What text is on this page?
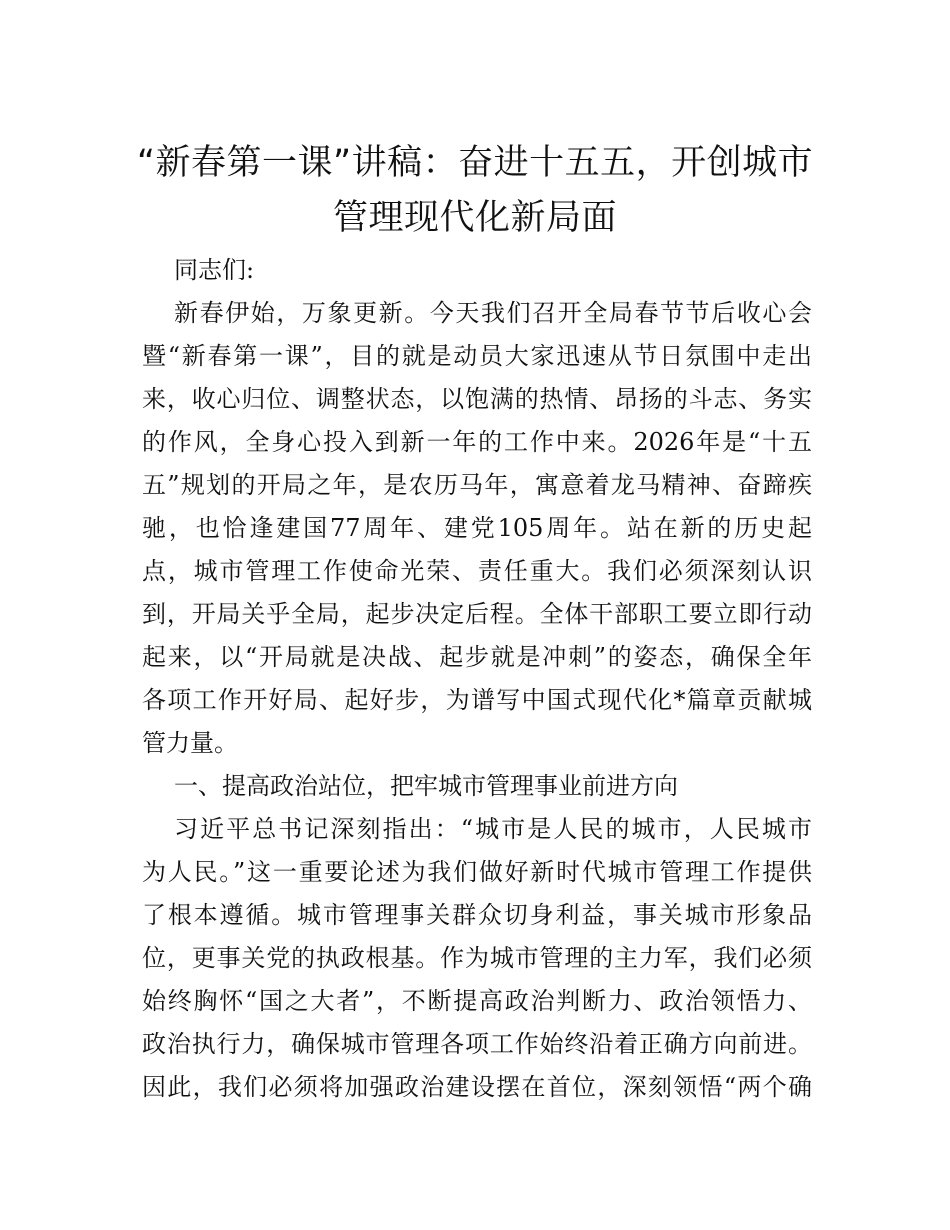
“新春第一课”讲稿：奋进十五五，开创城市
管理现代化新局面
同志们:
新春伊始，万象更新。今天我们召开全局春节节后收心会
暨“新春第一课”，目的就是动员大家迅速从节日氛围中走出
来，收心归位、调整状态，以饱满的热情、昂扬的斗志、务实
的作风，全身心投入到新一年的工作中来。2026年是“十五
五”规划的开局之年，是农历马年，寓意着龙马精神、奋蹄疾
驰，也恰逢建国77周年、建党105周年。站在新的历史起
点，城市管理工作使命光荣、责任重大。我们必须深刻认识
到，开局关乎全局，起步决定后程。全体干部职工要立即行动
起来，以“开局就是决战、起步就是冲刺”的姿态，确保全年
各项工作开好局、起好步，为谱写中国式现代化*篇章贡献城
管力量。
一、提高政治站位，把牢城市管理事业前进方向
习近平总书记深刻指出：“城市是人民的城市，人民城市
为人民。”这一重要论述为我们做好新时代城市管理工作提供
了根本遵循。城市管理事关群众切身利益，事关城市形象品
位，更事关党的执政根基。作为城市管理的主力军，我们必须
始终胸怀“国之大者”，不断提高政治判断力、政治领悟力、
政治执行力，确保城市管理各项工作始终沿着正确方向前进。
因此，我们必须将加强政治建设摆在首位，深刻领悟“两个确
